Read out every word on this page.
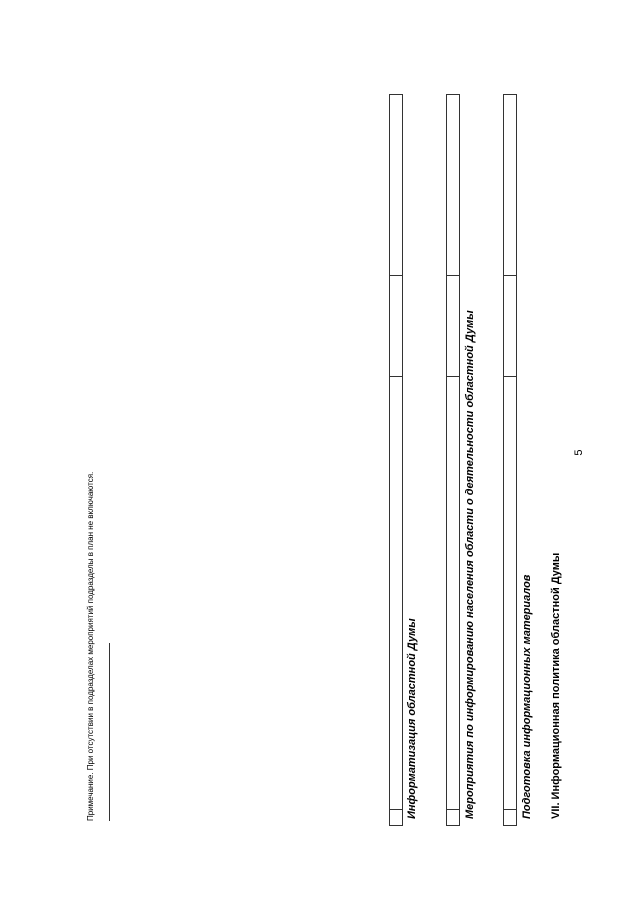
5
VII. Информационная политика областной Думы
Подготовка информационных материалов

Мероприятия по информированию населения области о деятельности областной Думы

Информатизация областной Думы

Примечание. При отсутствии в подразделах мероприятий подразделы в план не включаются.
